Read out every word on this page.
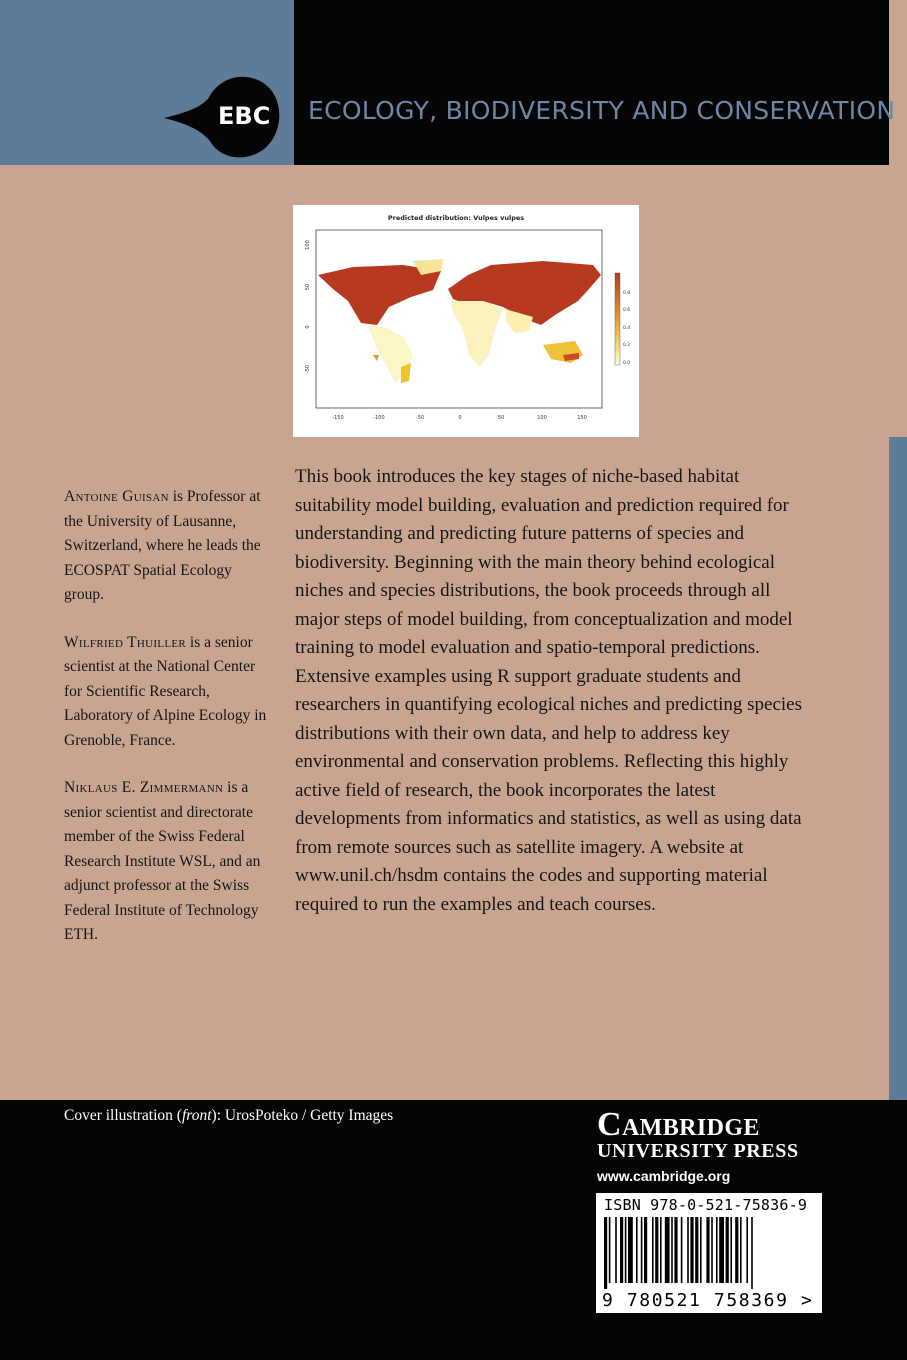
EBC ECOLOGY, BIODIVERSITY AND CONSERVATION
Predicted distribution: Vulpes vulpes
-150	-100	-50	0	50	100	150
100
50
0
-50
0.8
0.6
0.4
0.2
0.0

Antoine Guisan is Professor at the University of Lausanne, Switzerland, where he leads the ECOSPAT Spatial Ecology group.

Wilfried Thuiller is a senior scientist at the National Center for Scientific Research, Laboratory of Alpine Ecology in Grenoble, France.

Niklaus E. Zimmermann is a senior scientist and directorate member of the Swiss Federal Research Institute WSL, and an adjunct professor at the Swiss Federal Institute of Technology ETH.

This book introduces the key stages of niche-based habitat suitability model building, evaluation and prediction required for understanding and predicting future patterns of species and biodiversity. Beginning with the main theory behind ecological niches and species distributions, the book proceeds through all major steps of model building, from conceptualization and model training to model evaluation and spatio-temporal predictions. Extensive examples using R support graduate students and researchers in quantifying ecological niches and predicting species distributions with their own data, and help to address key environmental and conservation problems. Reflecting this highly active field of research, the book incorporates the latest developments from informatics and statistics, as well as using data from remote sources such as satellite imagery. A website at www.unil.ch/hsdm contains the codes and supporting material required to run the examples and teach courses.
Cover illustration (front): UrosPoteko / Getty Images	Cambridge
UNIVERSITY PRESS
www.cambridge.org
ISBN 978-0-521-75836-9
9 780521 758369 >
